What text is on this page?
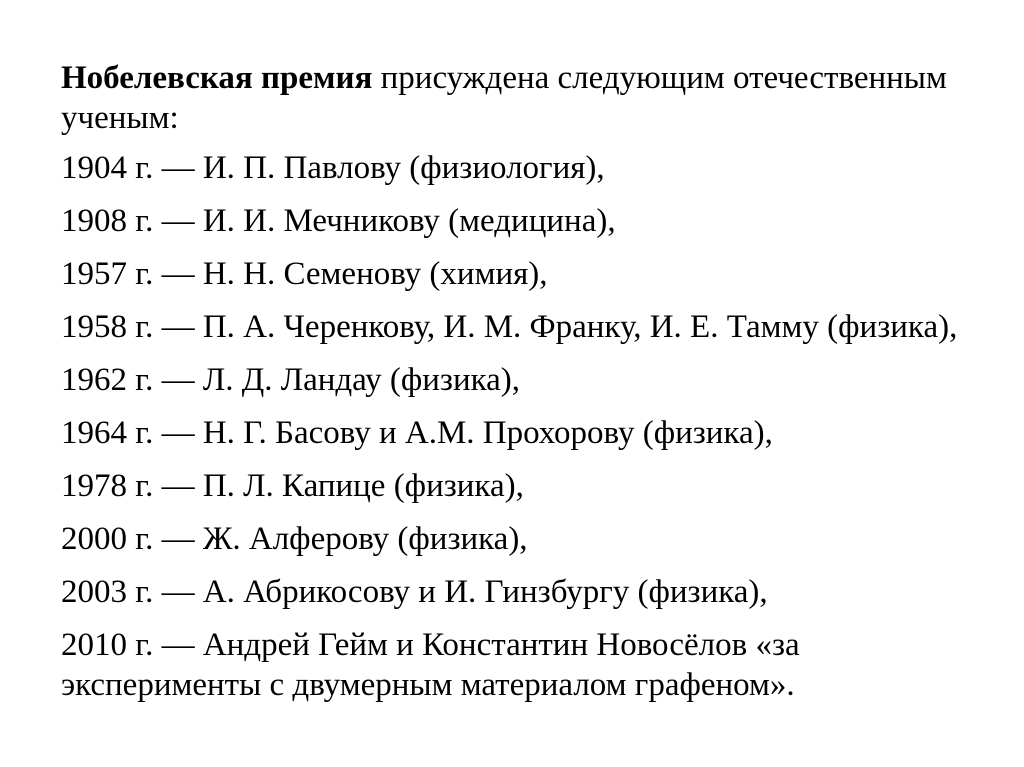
Нобелевская премия присуждена следующим отечественным ученым:

1904 г. — И. П. Павлову (физиология),
1908 г. — И. И. Мечникову (медицина),
1957 г. — Н. Н. Семенову (химия),
1958 г. — П. А. Черенкову, И. М. Франку, И. Е. Тамму (физика),
1962 г. — Л. Д. Ландау (физика),
1964 г. — Н. Г. Басову и А.М. Прохорову (физика),
1978 г. — П. Л. Капице (физика),
2000 г. — Ж. Алферову (физика),
2003 г. — А. Абрикосову и И. Гинзбургу (физика),
2010 г. — Андрей Гейм и Константин Новосёлов «за эксперименты с двумерным материалом графеном».
